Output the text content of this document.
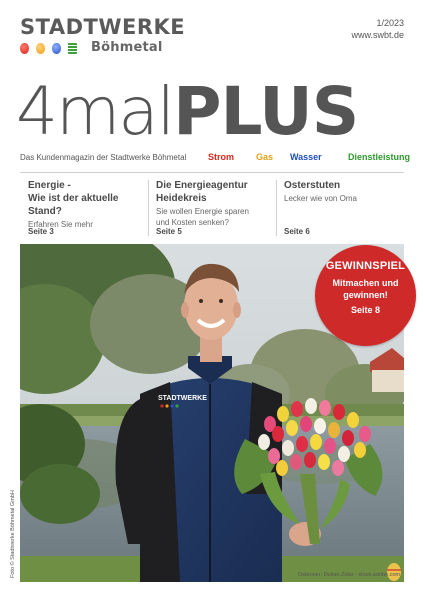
STADTWERKE
Böhmetal
1/2023
www.swbt.de
4malPLUS
Das Kundenmagazin der Stadtwerke Böhmetal Strom Gas Wasser	Dienstleistung
Energie -
Wie ist der aktuelle Stand?
Erfahren Sie mehr
Seite 3
Die Energieagentur
Heidekreis
Sie wollen Energie sparen
und Kosten senken?
Seite 5
Osterstuten
Lecker wie von Oma
Seite 6
STADTWERKE
GEWINNSPIEL
Mitmachen und gewinnen!
Seite 8
Foto © Stadtwerke Böhmetal GmbH	Ostereier: Dušan Zidar - stock.adobe.com
